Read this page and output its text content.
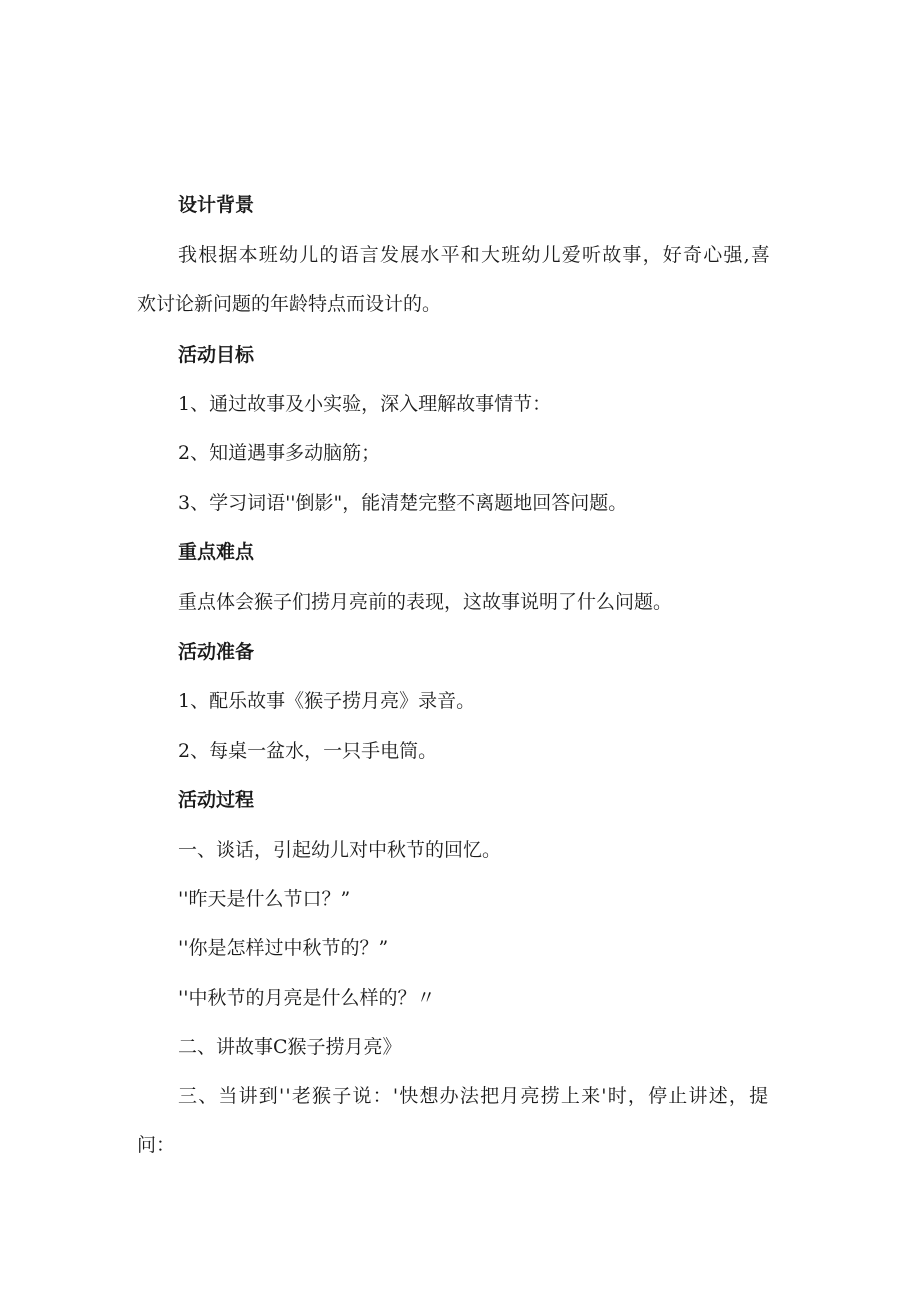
设计背景
我根据本班幼儿的语言发展水平和大班幼儿爱听故事，好奇心强,喜
欢讨论新问题的年龄特点而设计的。
活动目标
1、通过故事及小实验，深入理解故事情节：
2、知道遇事多动脑筋；
3、学习词语''倒影"，能清楚完整不离题地回答问题。
重点难点
重点体会猴子们捞月亮前的表现，这故事说明了什么问题。
活动准备
1、配乐故事《猴子捞月亮》录音。
2、每桌一盆水，一只手电筒。
活动过程
一、谈话，引起幼儿对中秋节的回忆。
''昨天是什么节口？”
''你是怎样过中秋节的？”
''中秋节的月亮是什么样的？〃
二、讲故事C猴子捞月亮》
三、当讲到''老猴子说：'快想办法把月亮捞上来'时，停止讲述，提
问：
